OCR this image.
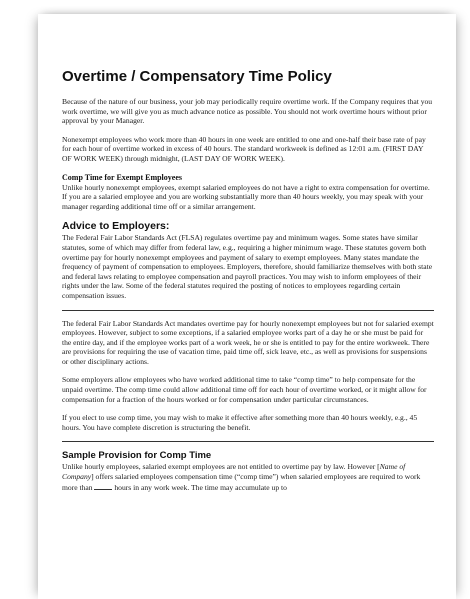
Overtime / Compensatory Time Policy

Because of the nature of our business, your job may periodically require overtime work. If the Company requires that you work overtime, we will give you as much advance notice as possible. You should not work overtime hours without prior approval by your Manager.

Nonexempt employees who work more than 40 hours in one week are entitled to one and one-half their base rate of pay for each hour of overtime worked in excess of 40 hours. The standard workweek is defined as 12:01 a.m. (FIRST DAY OF WORK WEEK) through midnight, (LAST DAY OF WORK WEEK).

Comp Time for Exempt Employees

Unlike hourly nonexempt employees, exempt salaried employees do not have a right to extra compensation for overtime. If you are a salaried employee and you are working substantially more than 40 hours weekly, you may speak with your manager regarding additional time off or a similar arrangement.

Advice to Employers:

The Federal Fair Labor Standards Act (FLSA) regulates overtime pay and minimum wages. Some states have similar statutes, some of which may differ from federal law, e.g., requiring a higher minimum wage. These statutes govern both overtime pay for hourly nonexempt employees and payment of salary to exempt employees. Many states mandate the frequency of payment of compensation to employees. Employers, therefore, should familiarize themselves with both state and federal laws relating to employee compensation and payroll practices. You may wish to inform employees of their rights under the law. Some of the federal statutes required the posting of notices to employees regarding certain compensation issues.

The federal Fair Labor Standards Act mandates overtime pay for hourly nonexempt employees but not for salaried exempt employees. However, subject to some exceptions, if a salaried employee works part of a day he or she must be paid for the entire day, and if the employee works part of a work week, he or she is entitled to pay for the entire workweek. There are provisions for requiring the use of vacation time, paid time off, sick leave, etc., as well as provisions for suspensions or other disciplinary actions.

Some employers allow employees who have worked additional time to take “comp time” to help compensate for the unpaid overtime. The comp time could allow additional time off for each hour of overtime worked, or it might allow for compensation for a fraction of the hours worked or for compensation under particular circumstances.

If you elect to use comp time, you may wish to make it effective after something more than 40 hours weekly, e.g., 45 hours. You have complete discretion is structuring the benefit.

Sample Provision for Comp Time

Unlike hourly employees, salaried exempt employees are not entitled to overtime pay by law. However [Name of Company] offers salaried employees compensation time (“comp time”) when salaried employees are required to work more than  hours in any work week. The time may accumulate up to
